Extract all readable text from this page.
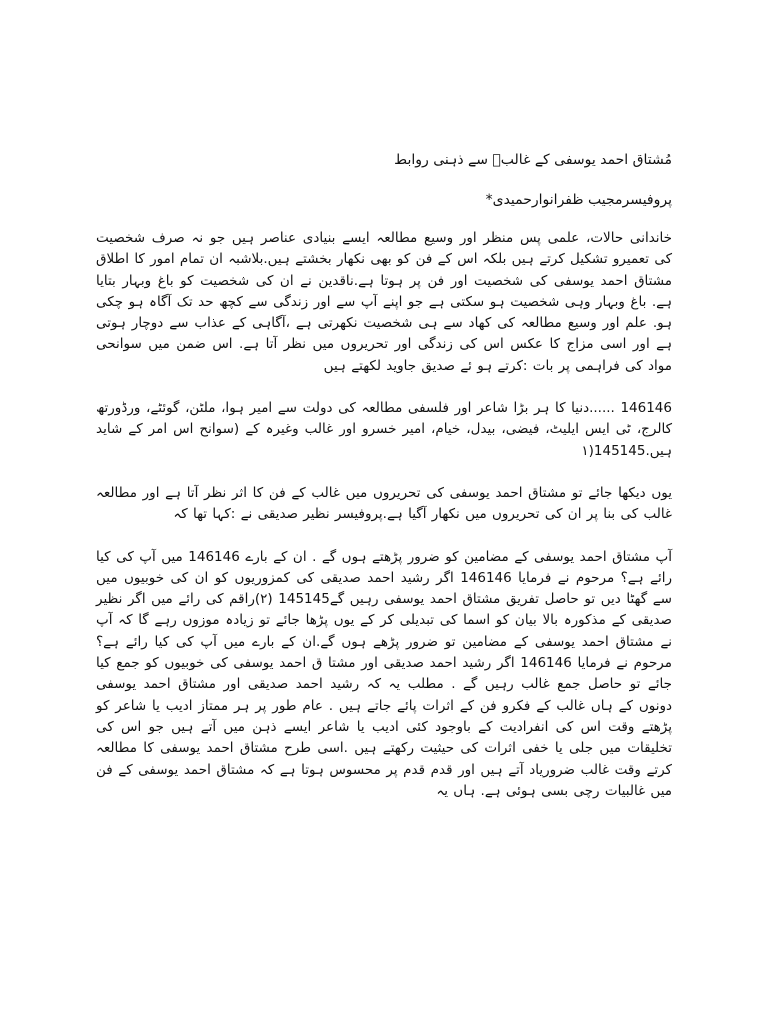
مُشتاق احمد یوسفی کے غالبؔ سے ذہنی روابط
پروفیسرمجیب ظفرانوارحمیدی*

خاندانی حالات، علمی پس منظر اور وسیع مطالعہ ایسے بنیادی عناصر ہیں جو نہ صرف شخصیت کی تعمیرو تشکیل کرتے ہیں بلکہ اس کے فن کو بھی نکھار بخشتے ہیں.بلاشبہ ان تمام امور کا اطلاق مشتاق احمد یوسفی کی شخصیت اور فن پر ہوتا ہے.ناقدین نے ان کی شخصیت کو باغ وبہار بتایا ہے. باغ وبہار وہی شخصیت ہو سکتی ہے جو اپنے آپ سے اور زندگی سے کچھ حد تک آگاہ ہو چکی ہو. علم اور وسیع مطالعہ کی کھاد سے ہی شخصیت نکھرتی ہے ،آگاہی کے عذاب سے دوچار ہوتی ہے اور اسی مزاج کا عکس اس کی زندگی اور تحریروں میں نظر آتا ہے. اس ضمن میں سوانحی مواد کی فراہمی پر بات :کرتے ہو ئے صدیق جاوید لکھتے ہیں

146146 ......دنیا کا ہر بڑا شاعر اور فلسفی مطالعہ کی دولت سے امیر ہوا، ملٹن، گوئٹے، ورڈورتھ کالرج، ٹی ایس ایلیٹ، فیضی، بیدل، خیام، امیر خسرو اور غالب وغیرہ کے (سوانح اس امر کے شاید ہیں.145145(۱

یوں دیکھا جائے تو مشتاق احمد یوسفی کی تحریروں میں غالب کے فن کا اثر نظر آتا ہے اور مطالعہ غالب کی بنا پر ان کی تحریروں میں نکھار آگیا ہے.پروفیسر نظیر صدیقی نے :کہا تھا کہ

آپ مشتاق احمد یوسفی کے مضامین کو ضرور پڑھتے ہوں گے . ان کے بارے 146146 میں آپ کی کیا رائے ہے؟ مرحوم نے فرمایا 146146 اگر رشید احمد صدیقی کی کمزوریوں کو ان کی خوبیوں میں سے گھٹا دیں تو حاصل تفریق مشتاق احمد یوسفی رہیں گے145145 (۲)راقم کی رائے میں اگر نظیر صدیقی کے مذکورہ بالا بیان کو اسما کی تبدیلی کر کے یوں پڑھا جائے تو زیادہ موزوں رہے گا کہ آپ نے مشتاق احمد یوسفی کے مضامین تو ضرور پڑھے ہوں گے.ان کے بارے میں آپ کی کیا رائے ہے؟ مرحوم نے فرمایا 146146 اگر رشید احمد صدیقی اور مشتا ق احمد یوسفی کی خوبیوں کو جمع کیا جائے تو حاصل جمع غالب رہیں گے . مطلب یہ کہ رشید احمد صدیقی اور مشتاق احمد یوسفی دونوں کے ہاں غالب کے فکرو فن کے اثرات پائے جاتے ہیں . عام طور پر ہر ممتاز ادیب یا شاعر کو پڑھتے وقت اس کی انفرادیت کے باوجود کئی ادیب یا شاعر ایسے ذہن میں آتے ہیں جو اس کی تخلیقات میں جلی یا خفی اثرات کی حیثیت رکھتے ہیں .اسی طرح مشتاق احمد یوسفی کا مطالعہ کرتے وقت غالب ضروریاد آتے ہیں اور قدم قدم پر محسوس ہوتا ہے کہ مشتاق احمد یوسفی کے فن میں غالبیات رچی بسی ہوئی ہے. ہاں یہ
